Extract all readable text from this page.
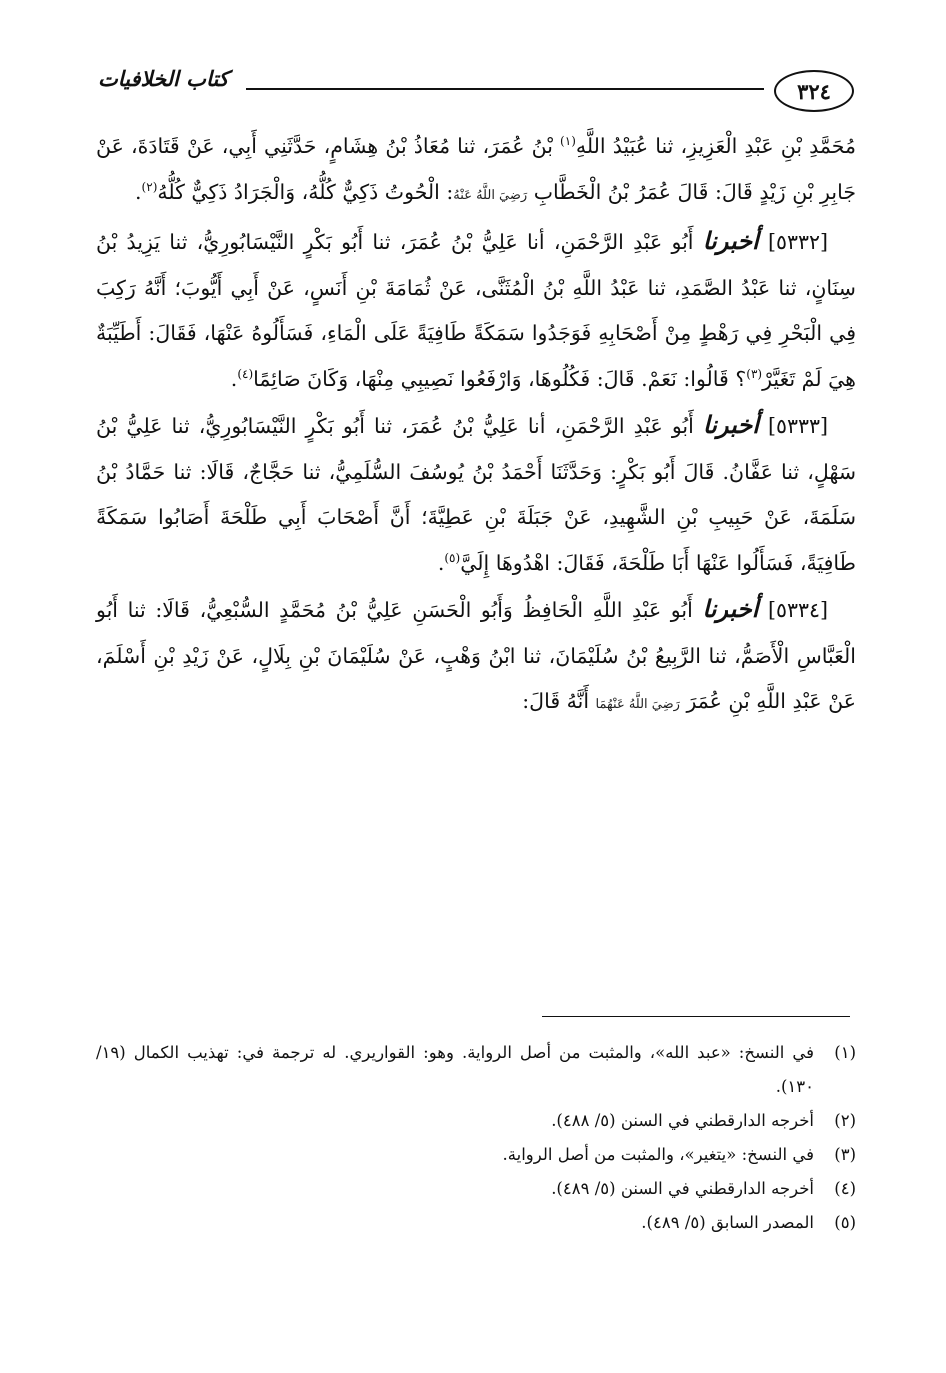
٣٢٤
كتاب الخلافيات

مُحَمَّدِ بْنِ عَبْدِ الْعَزِيزِ، ثنا عُبَيْدُ اللَّهِ$^{(١)}$ بْنُ عُمَرَ، ثنا مُعَاذُ بْنُ هِشَامٍ، حَدَّثَنِي أَبِي، عَنْ قَتَادَةَ، عَنْ جَابِرِ بْنِ زَيْدٍ قَالَ: قَالَ عُمَرُ بْنُ الْخَطَّابِ رَضِيَ اللَّهُ عَنْهُ: الْحُوتُ ذَكِيٌّ كُلُّهُ، وَالْجَرَادُ ذَكِيٌّ كُلُّهُ$^{(٢)}$.

[٥٣٣٢] أخبرنا أَبُو عَبْدِ الرَّحْمَنِ، أنا عَلِيُّ بْنُ عُمَرَ، ثنا أَبُو بَكْرٍ النَّيْسَابُورِيُّ، ثنا يَزِيدُ بْنُ سِنَانٍ، ثنا عَبْدُ الصَّمَدِ، ثنا عَبْدُ اللَّهِ بْنُ الْمُثَنَّى، عَنْ ثُمَامَةَ بْنِ أَنَسٍ، عَنْ أَبِي أَيُّوبَ؛ أَنَّهُ رَكِبَ فِي الْبَحْرِ فِي رَهْطٍ مِنْ أَصْحَابِهِ فَوَجَدُوا سَمَكَةً طَافِيَةً عَلَى الْمَاءِ، فَسَأَلُوهُ عَنْهَا، فَقَالَ: أَطَيِّبَةٌ هِيَ لَمْ تَغَيَّرْ$^{(٣)}$؟ قَالُوا: نَعَمْ. قَالَ: فَكُلُوهَا، وَارْفَعُوا نَصِيبِي مِنْهَا، وَكَانَ صَائِمًا$^{(٤)}$.

[٥٣٣٣] أخبرنا أَبُو عَبْدِ الرَّحْمَنِ، أنا عَلِيُّ بْنُ عُمَرَ، ثنا أَبُو بَكْرٍ النَّيْسَابُورِيُّ، ثنا عَلِيُّ بْنُ سَهْلٍ، ثنا عَفَّانُ. قَالَ أَبُو بَكْرٍ: وَحَدَّثَنَا أَحْمَدُ بْنُ يُوسُفَ السُّلَمِيُّ، ثنا حَجَّاجٌ، قَالَا: ثنا حَمَّادُ بْنُ سَلَمَةَ، عَنْ حَبِيبِ بْنِ الشَّهِيدِ، عَنْ جَبَلَةَ بْنِ عَطِيَّةَ؛ أَنَّ أَصْحَابَ أَبِي طَلْحَةَ أَصَابُوا سَمَكَةً طَافِيَةً، فَسَأَلُوا عَنْهَا أَبَا طَلْحَةَ، فَقَالَ: اهْدُوهَا إِلَيَّ$^{(٥)}$.

[٥٣٣٤] أخبرنا أَبُو عَبْدِ اللَّهِ الْحَافِظُ وَأَبُو الْحَسَنِ عَلِيُّ بْنُ مُحَمَّدٍ السُّبْعِيُّ، قَالَا: ثنا أَبُو الْعَبَّاسِ الْأَصَمُّ، ثنا الرَّبِيعُ بْنُ سُلَيْمَانَ، ثنا ابْنُ وَهْبٍ، عَنْ سُلَيْمَانَ بْنِ بِلَالٍ، عَنْ زَيْدِ بْنِ أَسْلَمَ، عَنْ عَبْدِ اللَّهِ بْنِ عُمَرَ رَضِيَ اللَّهُ عَنْهُمَا أَنَّهُ قَالَ:

(١)
في النسخ: «عبد الله»، والمثبت من أصل الرواية. وهو: القواريري. له ترجمة في: تهذيب الكمال (١٩/ ١٣٠).
(٢)
أخرجه الدارقطني في السنن (٥/ ٤٨٨).
(٣)
في النسخ: «يتغير»، والمثبت من أصل الرواية.
(٤)
أخرجه الدارقطني في السنن (٥/ ٤٨٩).
(٥)
المصدر السابق (٥/ ٤٨٩).
